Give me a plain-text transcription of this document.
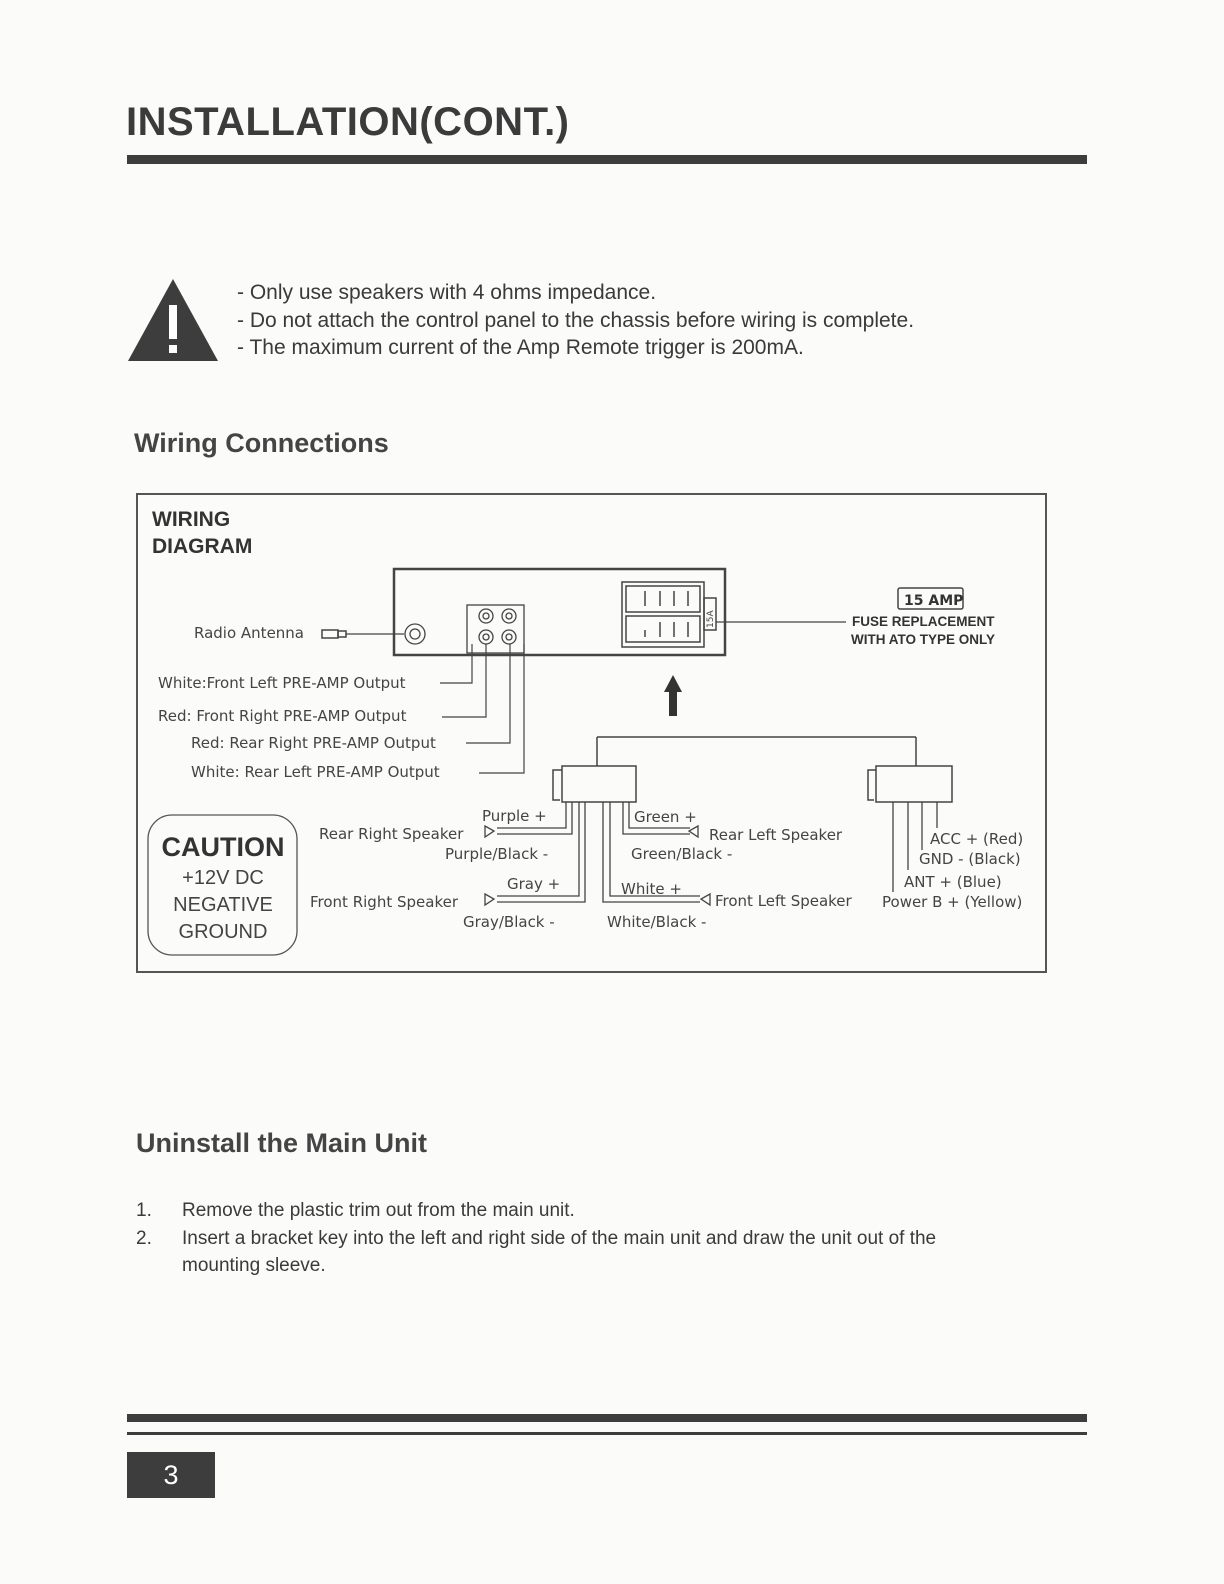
INSTALLATION(CONT.)
- Only use speakers with 4 ohms impedance.
- Do not attach the control panel to the chassis before wiring is complete.
- The maximum current of the Amp Remote trigger is 200mA.
Wiring Connections
WIRING
DIAGRAM
Radio Antenna
15A
15 AMP
FUSE REPLACEMENT
WITH ATO TYPE ONLY
White:Front Left PRE-AMP Output
Red: Front Right PRE-AMP Output
Red: Rear Right PRE-AMP Output
White: Rear Left PRE-AMP Output
Purple +
Rear Right Speaker
Purple/Black -
Gray +
Front Right Speaker
Gray/Black -
Green +
Rear Left Speaker
Green/Black -
White +
Front Left Speaker
White/Black -
ACC + (Red)
GND - (Black)
ANT + (Blue)
Power B + (Yellow)
CAUTION
+12V DC
NEGATIVE
GROUND
Uninstall the Main Unit
1. Remove the plastic trim out from the main unit.
2. Insert a bracket key into the left and right side of the main unit and draw the unit out of the mounting sleeve.
3
